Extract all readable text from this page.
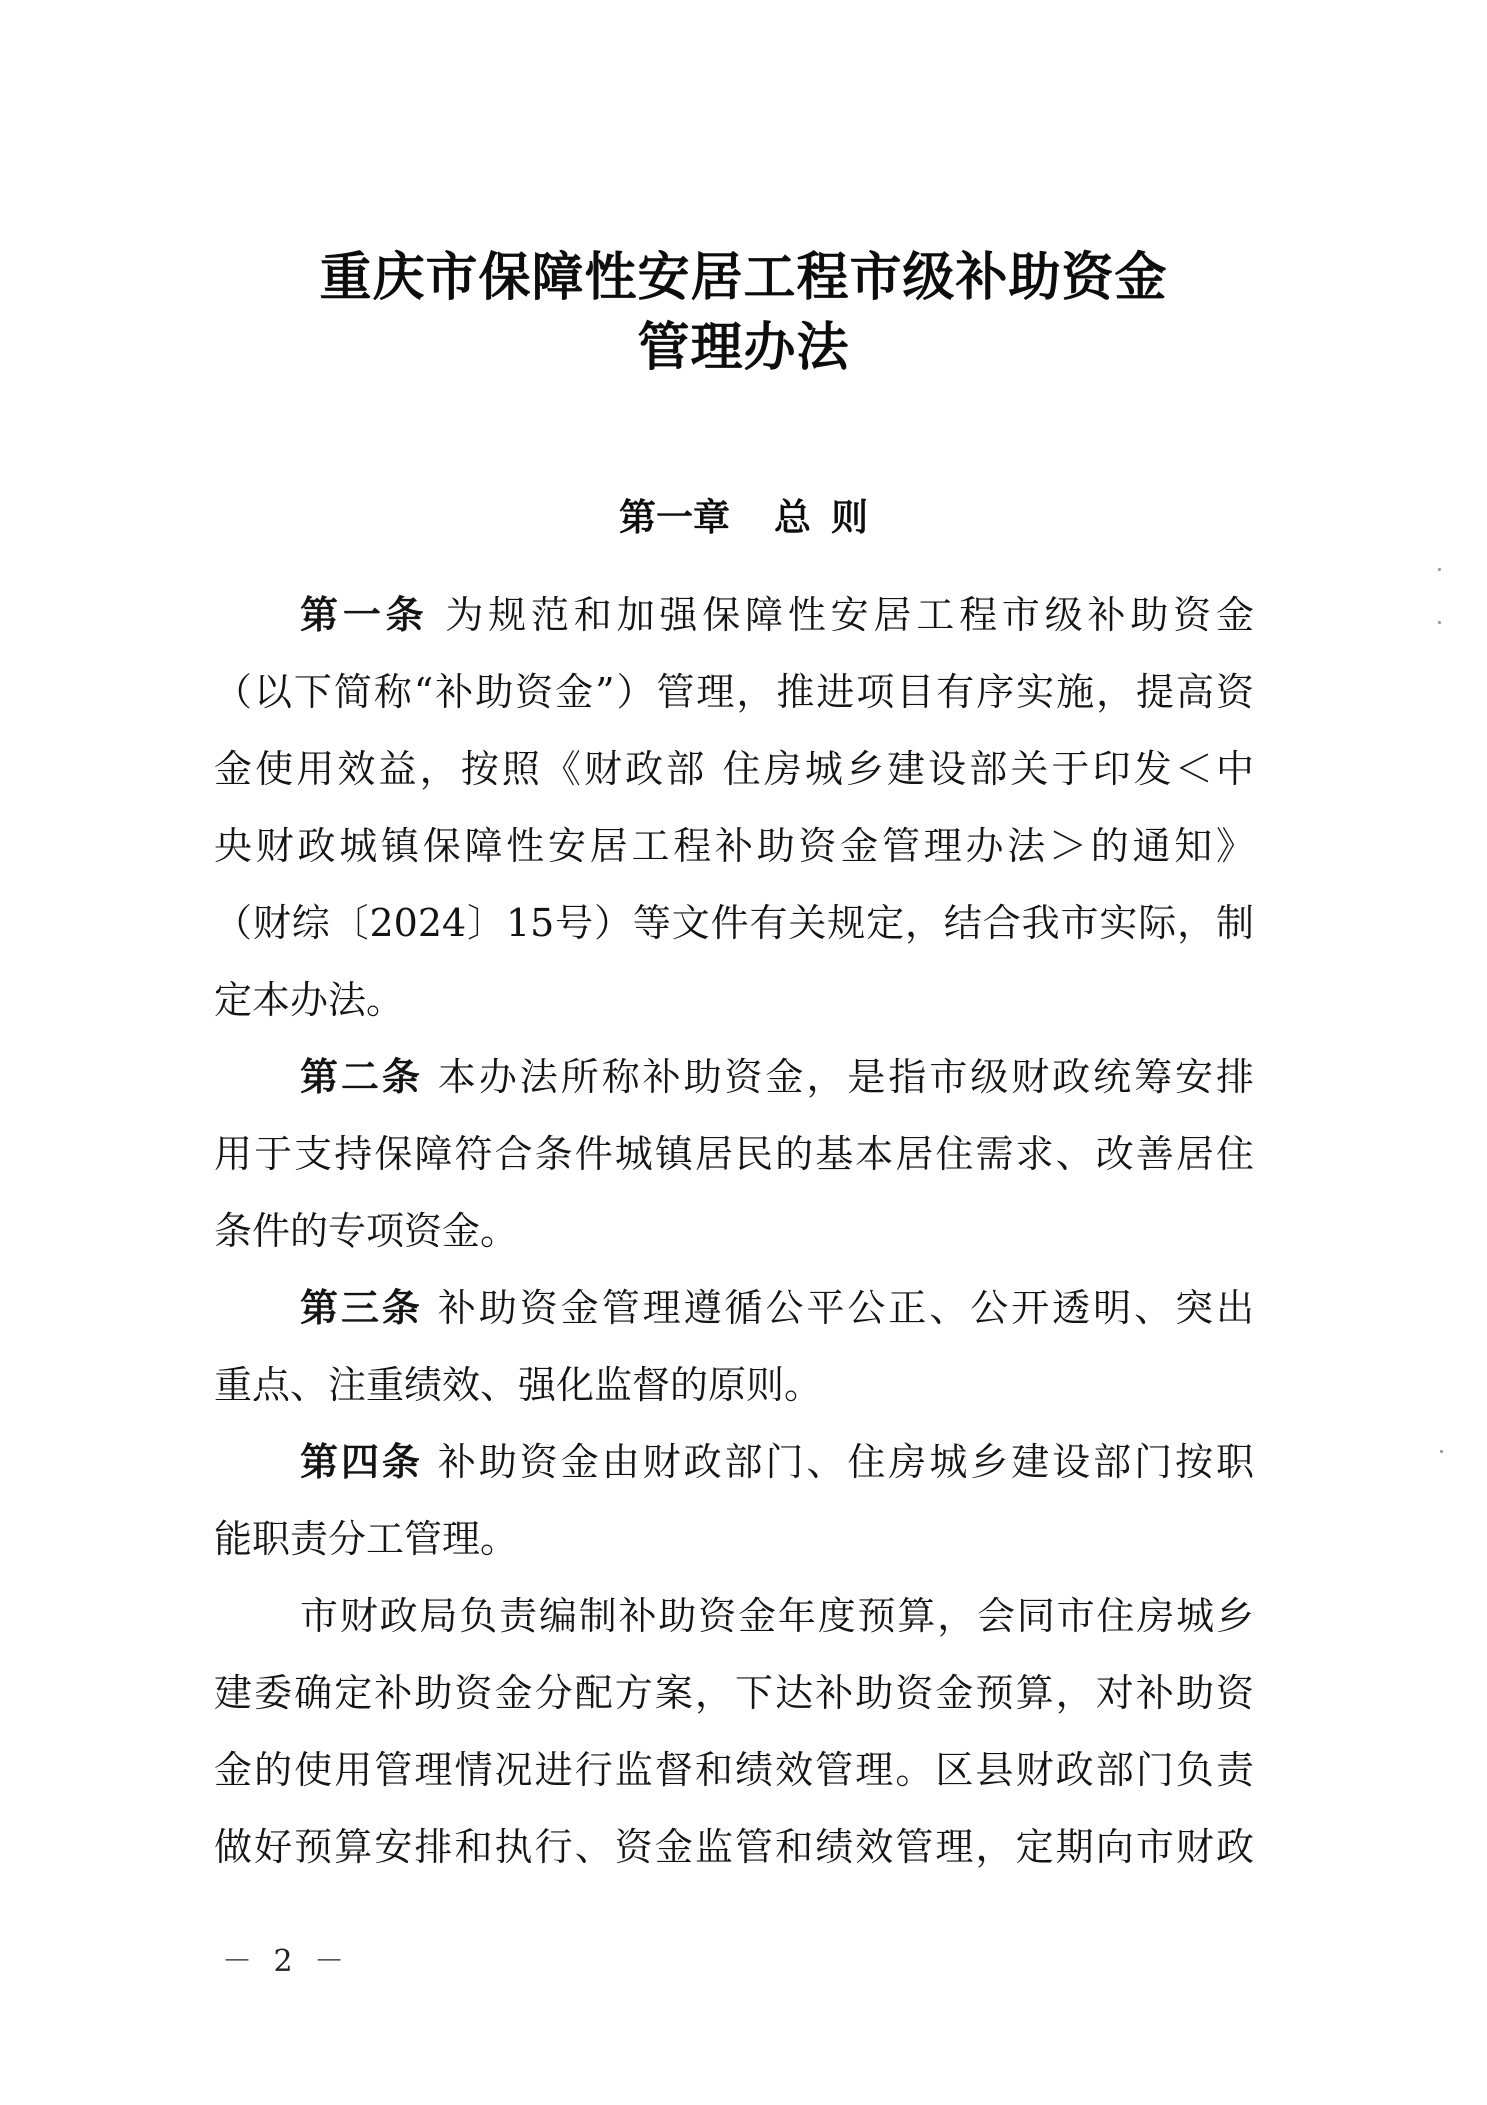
重庆市保障性安居工程市级补助资金
管理办法
第一章 总 则
第一条 为规范和加强保障性安居工程市级补助资金
（以下简称“补助资金”）管理，推进项目有序实施，提高资
金使用效益，按照《财政部 住房城乡建设部关于印发＜中
央财政城镇保障性安居工程补助资金管理办法＞的通知》
（财综〔2024〕15号）等文件有关规定，结合我市实际，制
定本办法。
第二条 本办法所称补助资金，是指市级财政统筹安排
用于支持保障符合条件城镇居民的基本居住需求、改善居住
条件的专项资金。
第三条 补助资金管理遵循公平公正、公开透明、突出
重点、注重绩效、强化监督的原则。
第四条 补助资金由财政部门、住房城乡建设部门按职
能职责分工管理。
市财政局负责编制补助资金年度预算，会同市住房城乡
建委确定补助资金分配方案，下达补助资金预算，对补助资
金的使用管理情况进行监督和绩效管理。区县财政部门负责
做好预算安排和执行、资金监管和绩效管理，定期向市财政
－ 2 －
